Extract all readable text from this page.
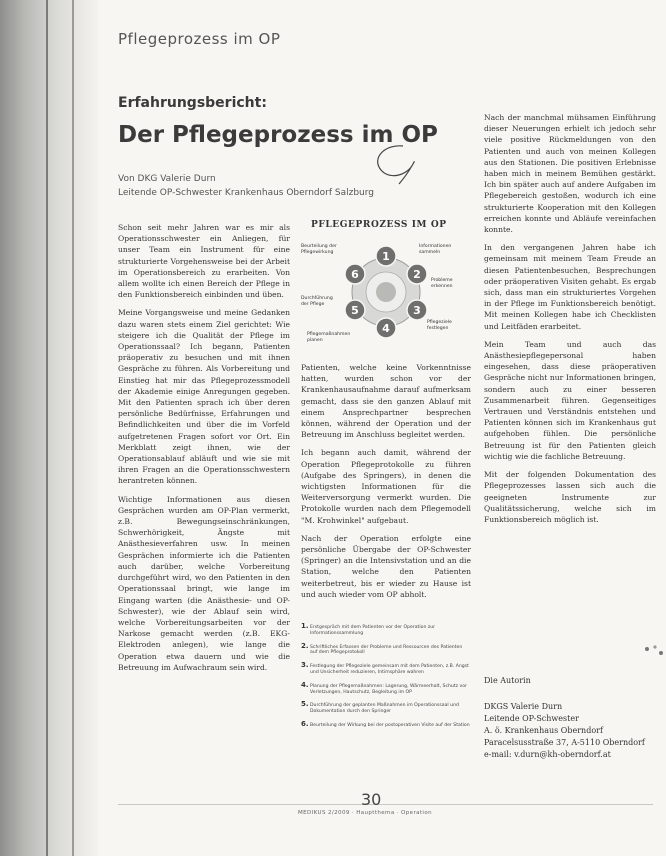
Pflegeprozess im OP
Erfahrungsbericht:
Der Pflegeprozess im OP
Von DKG Valerie Durn
Leitende OP-Schwester Krankenhaus Oberndorf Salzburg

Schon seit mehr Jahren war es mir als Operationsschwester ein Anliegen, für unser Team ein Instrument für eine strukturierte Vorgehensweise bei der Arbeit im Operationsbereich zu erarbeiten. Von allem wollte ich einen Bereich der Pflege in den Funktionsbereich einbinden und üben.

Meine Vorgangsweise und meine Gedanken dazu waren stets einem Ziel gerichtet: Wie steigere ich die Qualität der Pflege im Operationssaal? Ich begann, Patienten präoperativ zu besuchen und mit ihnen Gespräche zu führen. Als Vorbereitung und Einstieg hat mir das Pflegeprozessmodell der Akademie einige Anregungen gegeben. Mit den Patienten sprach ich über deren persönliche Bedürfnisse, Erfahrungen und Befindlichkeiten und über die im Vorfeld aufgetretenen Fragen sofort vor Ort. Ein Merkblatt zeigt ihnen, wie der Operationsablauf abläuft und wie sie mit ihren Fragen an die Operationsschwestern herantreten können.

Wichtige Informationen aus diesen Gesprächen wurden am OP-Plan vermerkt, z.B. Bewegungseinschränkungen, Schwerhörigkeit, Ängste mit Anästhesieverfahren usw. In meinen Gesprächen informierte ich die Patienten auch darüber, welche Vorbereitung durchgeführt wird, wo den Patienten in den Operationssaal bringt, wie lange im Eingang warten (die Anästhesie- und OP-Schwester), wie der Ablauf sein wird, welche Vorbereitungsarbeiten vor der Narkose gemacht werden (z.B. EKG-Elektroden anlegen), wie lange die Operation etwa dauern und wie die Betreuung im Aufwachraum sein wird.

PFLEGEPROZESS IM OP
1
2
3
4
5
6
Informationen sammeln
Probleme erkennen
Pflegeziele festlegen
Pflegemaßnahmen planen
Durchführung der Pflege
Beurteilung der Pflegewirkung

Patienten, welche keine Vorkenntnisse hatten, wurden schon vor der Krankenhausaufnahme darauf aufmerksam gemacht, dass sie den ganzen Ablauf mit einem Ansprechpartner besprechen können, während der Operation und der Betreuung im Anschluss begleitet werden.

Ich begann auch damit, während der Operation Pflegeprotokolle zu führen (Aufgabe des Springers), in denen die wichtigsten Informationen für die Weiterversorgung vermerkt wurden. Die Protokolle wurden nach dem Pflegemodell "M. Krohwinkel" aufgebaut.

Nach der Operation erfolgte eine persönliche Übergabe der OP-Schwester (Springer) an die Intensivstation und an die Station, welche den Patienten weiterbetreut, bis er wieder zu Hause ist und auch wieder vom OP abholt.

1. Erstgespräch mit dem Patienten vor der Operation zur Informationssammlung
2. Schriftliches Erfassen der Probleme und Ressourcen des Patienten auf dem Pflegeprotokoll
3. Festlegung der Pflegeziele gemeinsam mit dem Patienten, z.B. Angst und Unsicherheit reduzieren, Intimsphäre wahren
4. Planung der Pflegemaßnahmen: Lagerung, Wärmeerhalt, Schutz vor Verletzungen, Hautschutz, Begleitung im OP
5. Durchführung der geplanten Maßnahmen im Operationssaal und Dokumentation durch den Springer
6. Beurteilung der Wirkung bei der postoperativen Visite auf der Station

Nach der manchmal mühsamen Einführung dieser Neuerungen erhielt ich jedoch sehr viele positive Rückmeldungen von den Patienten und auch von meinen Kollegen aus den Stationen. Die positiven Erlebnisse haben mich in meinem Bemühen gestärkt. Ich bin später auch auf andere Aufgaben im Pflegebereich gestoßen, wodurch ich eine strukturierte Kooperation mit den Kollegen erreichen konnte und Abläufe vereinfachen konnte.

In den vergangenen Jahren habe ich gemeinsam mit meinem Team Freude an diesen Patientenbesuchen, Besprechungen oder präoperativen Visiten gehabt. Es ergab sich, dass man ein strukturiertes Vorgehen in der Pflege im Funktionsbereich benötigt. Mit meinen Kollegen habe ich Checklisten und Leitfäden erarbeitet.

Mein Team und auch das Anästhesiepflegepersonal haben eingesehen, dass diese präoperativen Gespräche nicht nur Informationen bringen, sondern auch zu einer besseren Zusammenarbeit führen. Gegenseitiges Vertrauen und Verständnis entstehen und Patienten können sich im Krankenhaus gut aufgehoben fühlen. Die persönliche Betreuung ist für den Patienten gleich wichtig wie die fachliche Betreuung.

Mit der folgenden Dokumentation des Pflegeprozesses lassen sich auch die geeigneten Instrumente zur Qualitätssicherung, welche sich im Funktionsbereich möglich ist.

Die Autorin
DKGS Valerie Durn
Leitende OP-Schwester
A. ö. Krankenhaus Oberndorf
Paracelsusstraße 37, A-5110 Oberndorf
e-mail: v.durn@kh-oberndorf.at
30
MEDIKUS 2/2009 · Hauptthema · Operation
